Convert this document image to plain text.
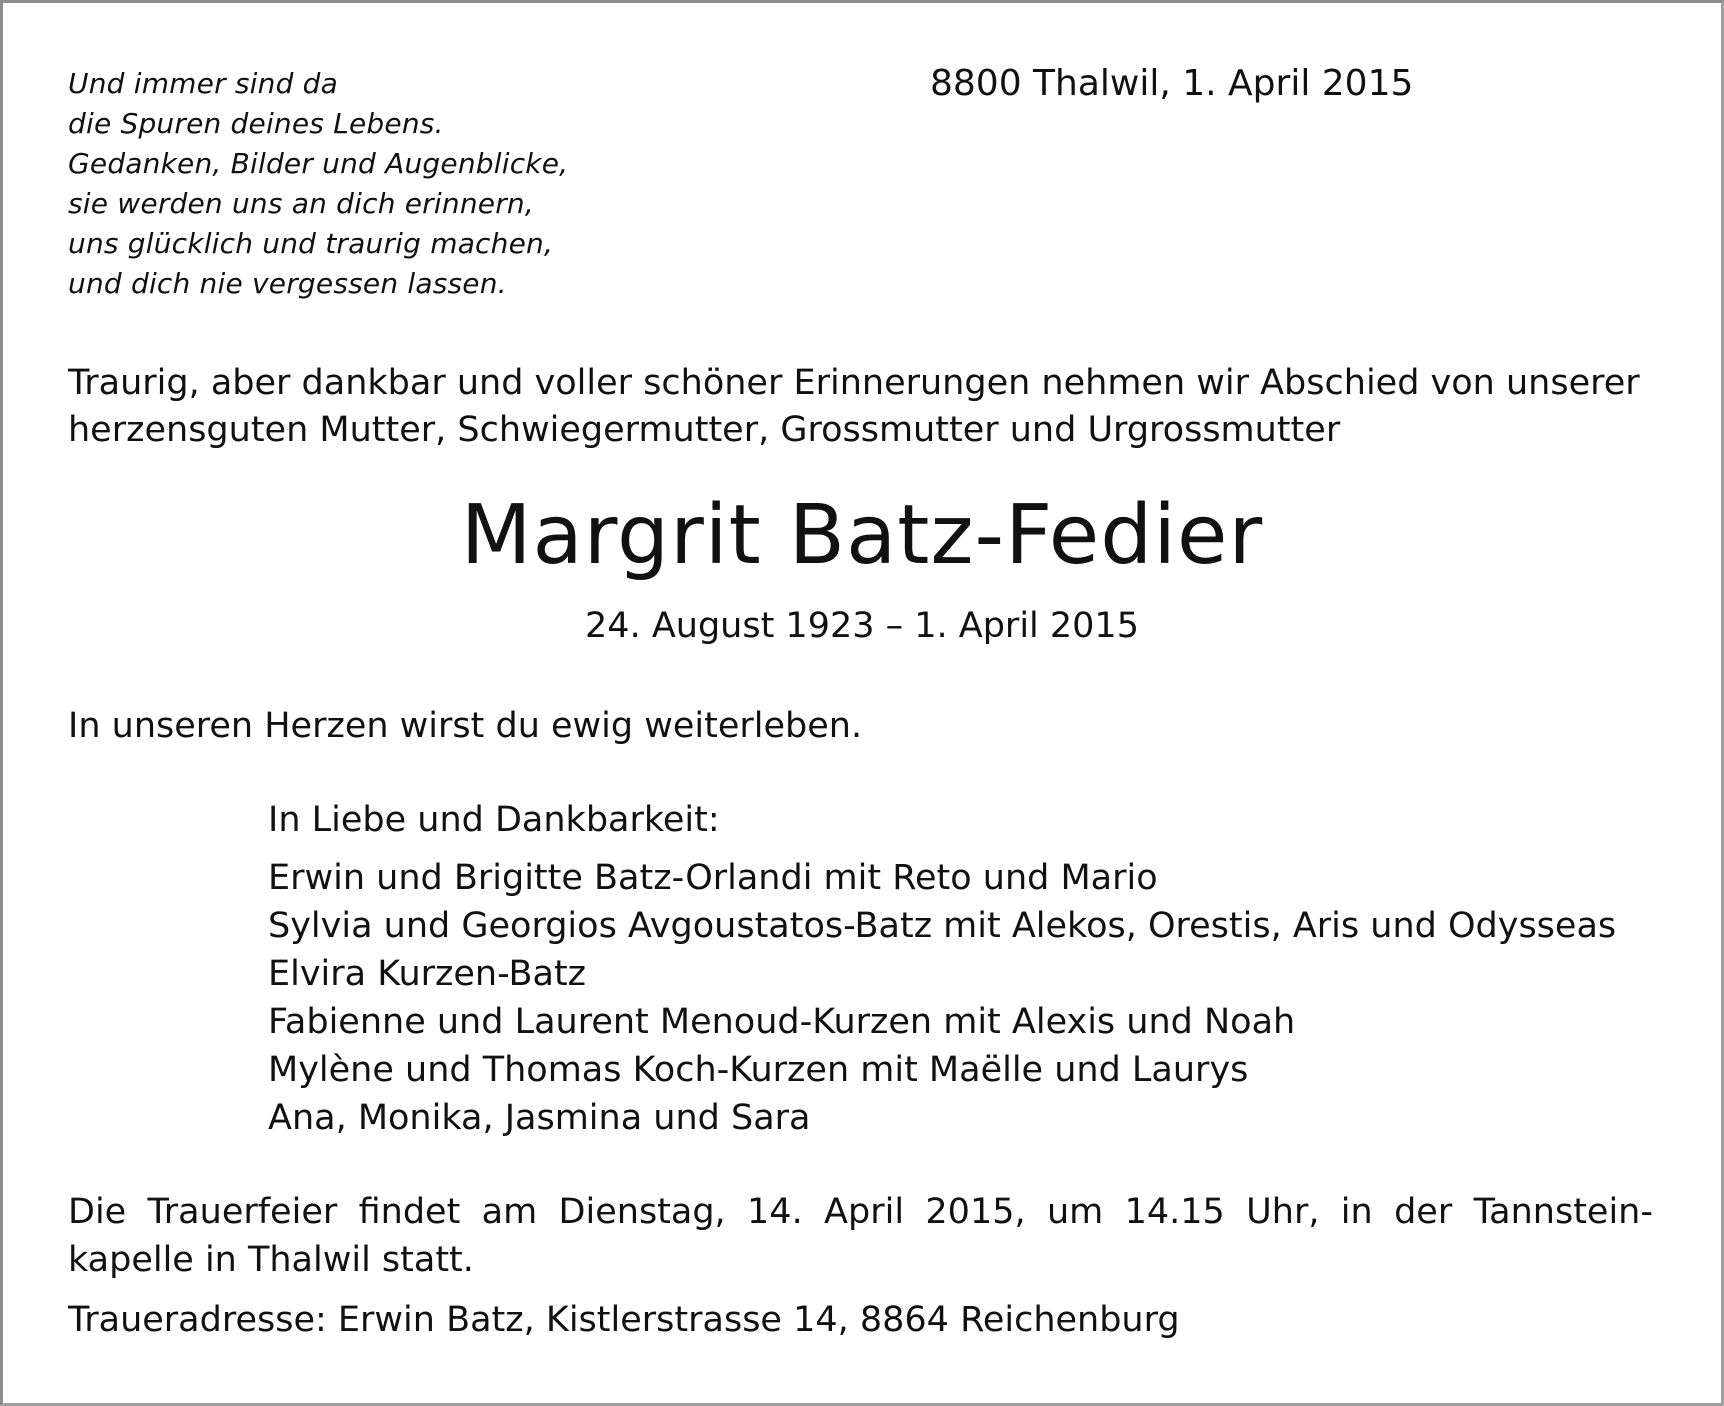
Und immer sind da
die Spuren deines Lebens.
Gedanken, Bilder und Augenblicke,
sie werden uns an dich erinnern,
uns glücklich und traurig machen,
und dich nie vergessen lassen.
8800 Thalwil, 1. April 2015
Traurig, aber dankbar und voller schöner Erinnerungen nehmen wir Abschied von unserer
herzensguten Mutter, Schwiegermutter, Grossmutter und Urgrossmutter
Margrit Batz-Fedier
24. August 1923 – 1. April 2015
In unseren Herzen wirst du ewig weiterleben.
In Liebe und Dankbarkeit:
Erwin und Brigitte Batz-Orlandi mit Reto und Mario
Sylvia und Georgios Avgoustatos-Batz mit Alekos, Orestis, Aris und Odysseas
Elvira Kurzen-Batz
Fabienne und Laurent Menoud-Kurzen mit Alexis und Noah
Mylène und Thomas Koch-Kurzen mit Maëlle und Laurys
Ana, Monika, Jasmina und Sara
Die Trauerfeier findet am Dienstag, 14. April 2015, um 14.15 Uhr, in der Tannstein-
kapelle in Thalwil statt.
Traueradresse: Erwin Batz, Kistlerstrasse 14, 8864 Reichenburg
